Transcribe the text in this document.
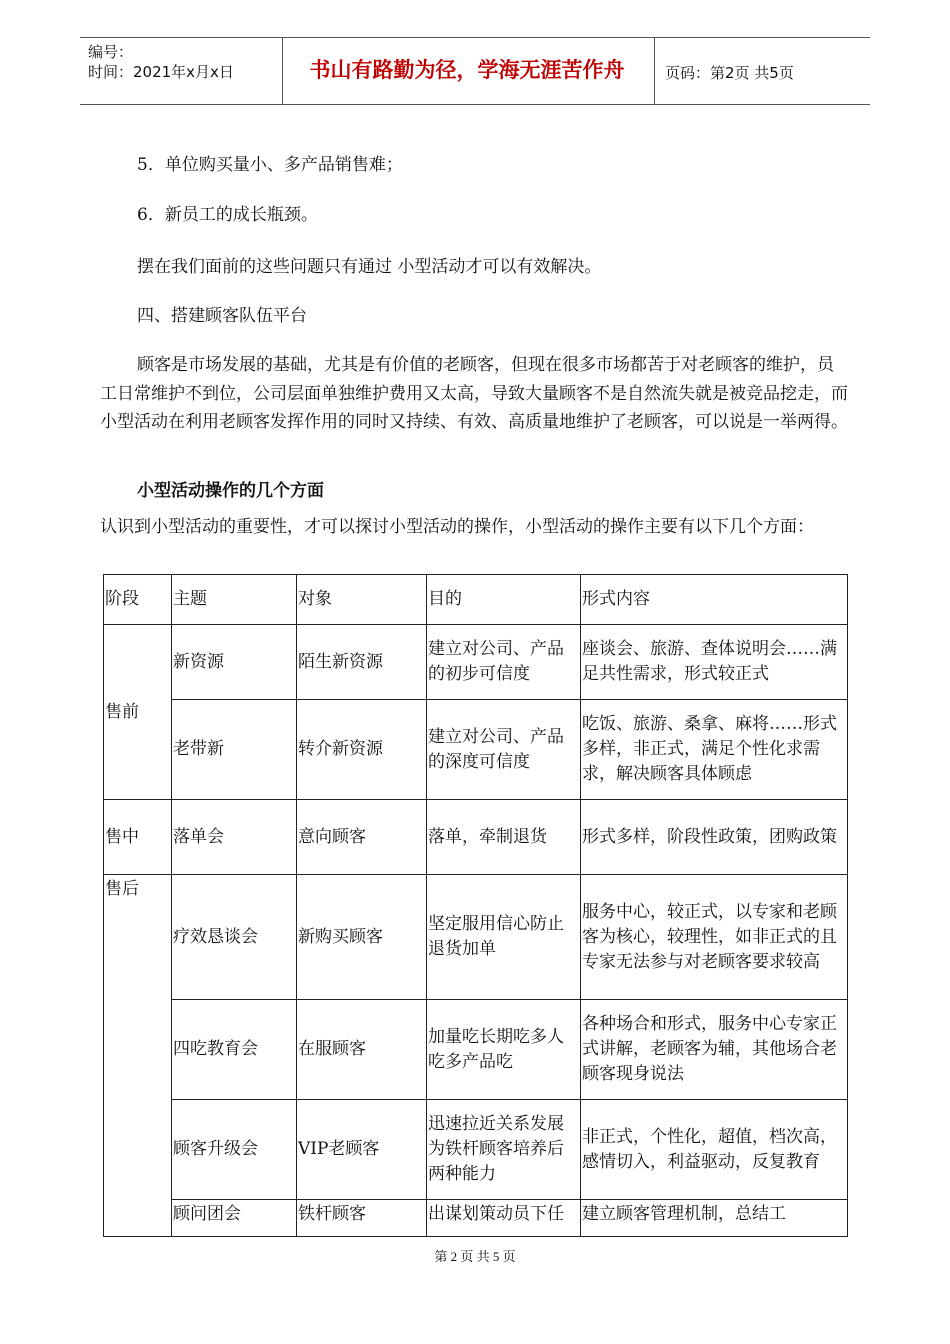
编号：
时间：2021年x月x日	书山有路勤为径，学海无涯苦作舟	页码：第2页 共5页
5．单位购买量小、多产品销售难；
6．新员工的成长瓶颈。
摆在我们面前的这些问题只有通过 小型活动才可以有效解决。
四、搭建顾客队伍平台
顾客是市场发展的基础，尤其是有价值的老顾客，但现在很多市场都苦于对老顾客的维护，员工日常维护不到位，公司层面单独维护费用又太高，导致大量顾客不是自然流失就是被竞品挖走，而小型活动在利用老顾客发挥作用的同时又持续、有效、高质量地维护了老顾客，可以说是一举两得。
小型活动操作的几个方面
认识到小型活动的重要性，才可以探讨小型活动的操作，小型活动的操作主要有以下几个方面：
阶段	主题	对象	目的	形式内容
售前	新资源	陌生新资源	建立对公司、产品的初步可信度	座谈会、旅游、查体说明会……满足共性需求，形式较正式
	老带新	转介新资源	建立对公司、产品的深度可信度	吃饭、旅游、桑拿、麻将……形式多样，非正式，满足个性化求需求，解决顾客具体顾虑
售中	落单会	意向顾客	落单，牵制退货	形式多样，阶段性政策，团购政策
售后	疗效恳谈会	新购买顾客	坚定服用信心防止退货加单	服务中心，较正式，以专家和老顾客为核心，较理性，如非正式的且专家无法参与对老顾客要求较高
	四吃教育会	在服顾客	加量吃长期吃多人吃多产品吃	各种场合和形式，服务中心专家正式讲解，老顾客为辅，其他场合老顾客现身说法
	顾客升级会	VIP老顾客	迅速拉近关系发展为铁杆顾客培养后两种能力	非正式，个性化，超值，档次高，感情切入，利益驱动，反复教育
	顾问团会	铁杆顾客	出谋划策动员下任	建立顾客管理机制，总结工
第 2 页 共 5 页
